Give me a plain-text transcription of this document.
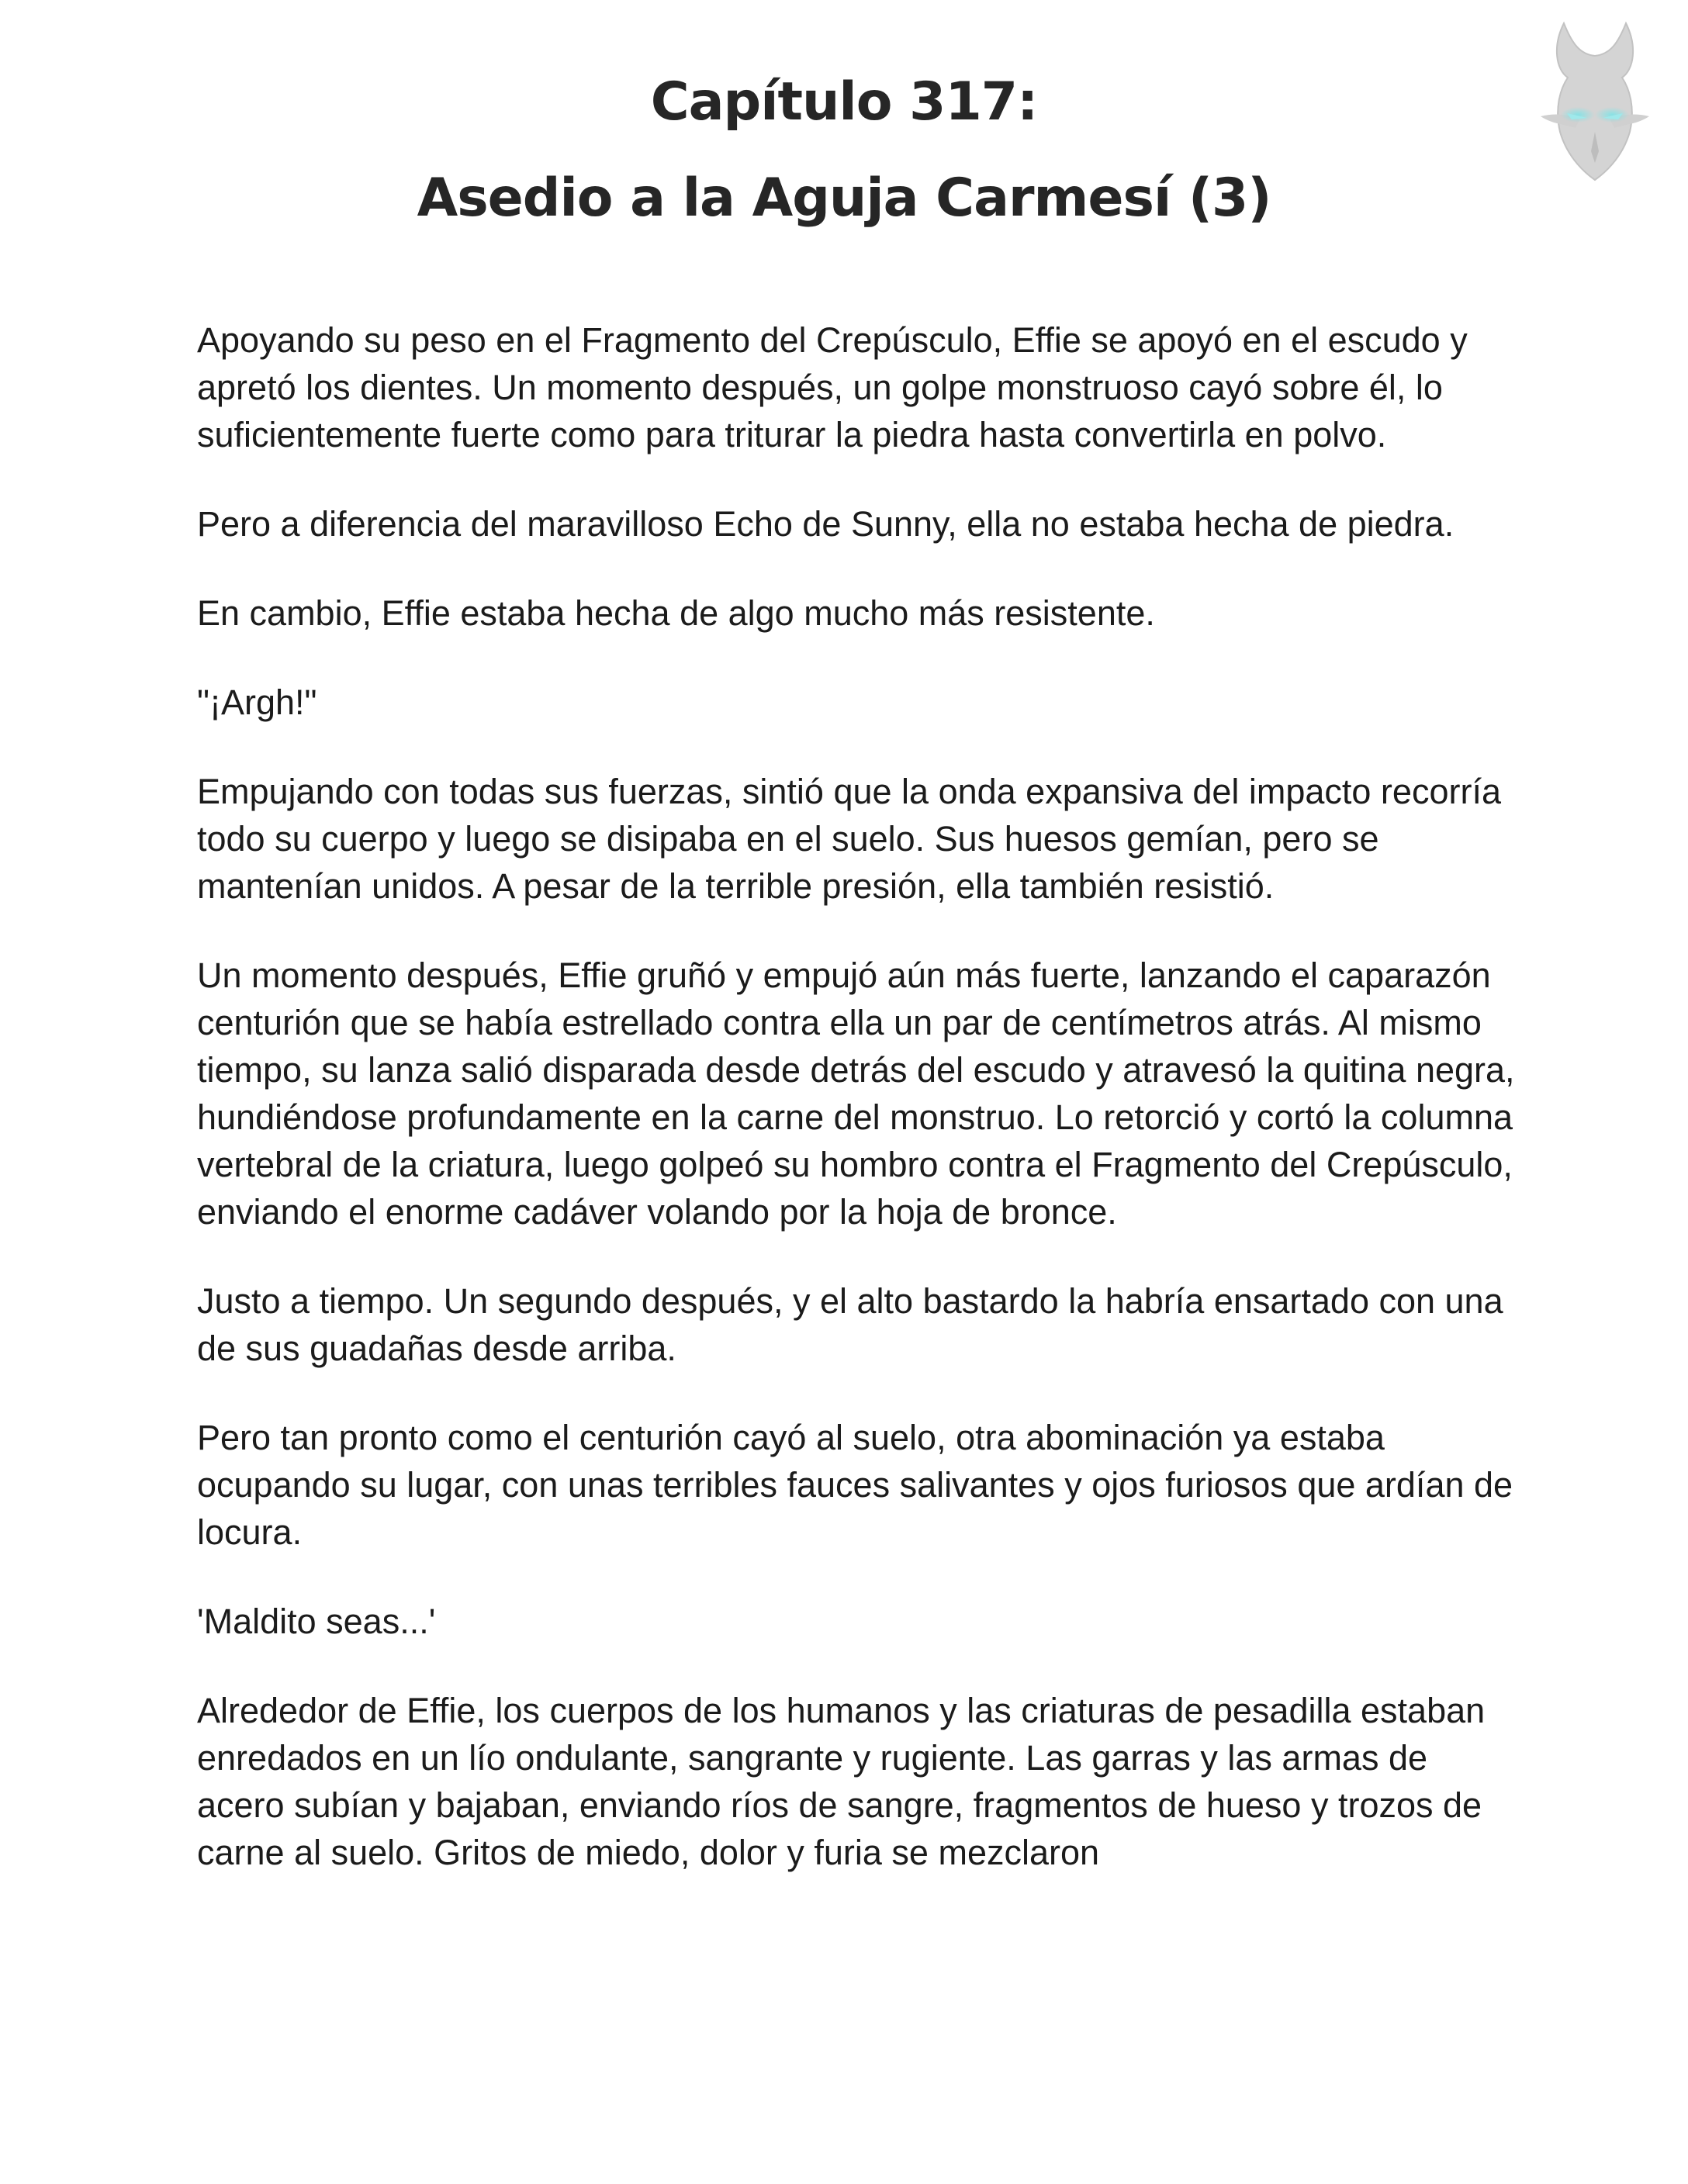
Capítulo 317:
Asedio a la Aguja Carmesí (3)

Apoyando su peso en el Fragmento del Crepúsculo, Effie se apoyó en el escudo y apretó los dientes. Un momento después, un golpe monstruoso cayó sobre él, lo suficientemente fuerte como para triturar la piedra hasta convertirla en polvo.

Pero a diferencia del maravilloso Echo de Sunny, ella no estaba hecha de piedra.

En cambio, Effie estaba hecha de algo mucho más resistente.

"¡Argh!"

Empujando con todas sus fuerzas, sintió que la onda expansiva del impacto recorría todo su cuerpo y luego se disipaba en el suelo. Sus huesos gemían, pero se mantenían unidos. A pesar de la terrible presión, ella también resistió.

Un momento después, Effie gruñó y empujó aún más fuerte, lanzando el caparazón centurión que se había estrellado contra ella un par de centímetros atrás. Al mismo tiempo, su lanza salió disparada desde detrás del escudo y atravesó la quitina negra, hundiéndose profundamente en la carne del monstruo. Lo retorció y cortó la columna vertebral de la criatura, luego golpeó su hombro contra el Fragmento del Crepúsculo, enviando el enorme cadáver volando por la hoja de bronce.

Justo a tiempo. Un segundo después, y el alto bastardo la habría ensartado con una de sus guadañas desde arriba.

Pero tan pronto como el centurión cayó al suelo, otra abominación ya estaba ocupando su lugar, con unas terribles fauces salivantes y ojos furiosos que ardían de locura.

'Maldito seas...'

Alrededor de Effie, los cuerpos de los humanos y las criaturas de pesadilla estaban enredados en un lío ondulante, sangrante y rugiente. Las garras y las armas de acero subían y bajaban, enviando ríos de sangre, fragmentos de hueso y trozos de carne al suelo. Gritos de miedo, dolor y furia se mezclaron
